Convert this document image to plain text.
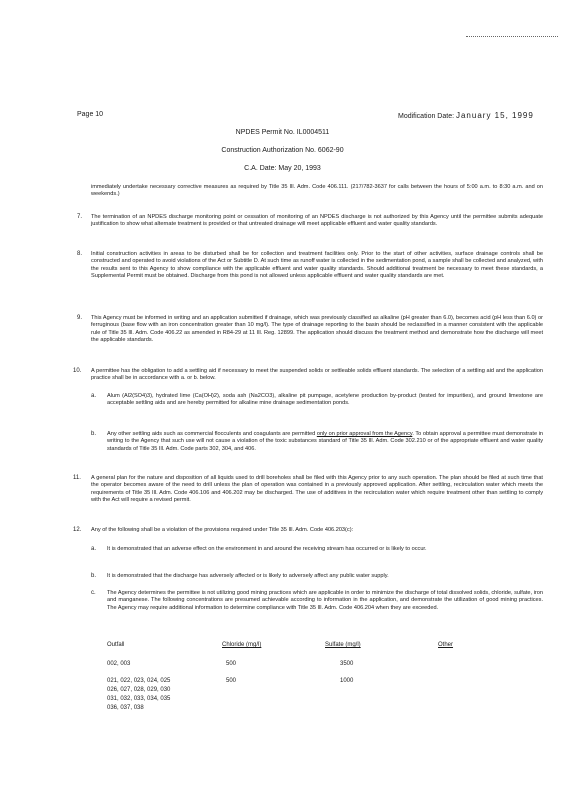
Page 10	Modification Date: January 15, 1999
NPDES Permit No. IL0004511
Construction Authorization No. 6062-90
C.A. Date: May 20, 1993
immediately undertake necessary corrective measures as required by Title 35 Ill. Adm. Code 406.111. (217/782-3637 for calls between the hours of 5:00 a.m. to 8:30 a.m. and on weekends.)
7. The termination of an NPDES discharge monitoring point or cessation of monitoring of an NPDES discharge is not authorized by this Agency until the permittee submits adequate justification to show what alternate treatment is provided or that untreated drainage will meet applicable effluent and water quality standards.
8. Initial construction activities in areas to be disturbed shall be for collection and treatment facilities only. Prior to the start of other activities, surface drainage controls shall be constructed and operated to avoid violations of the Act or Subtitle D. At such time as runoff water is collected in the sedimentation pond, a sample shall be collected and analyzed, with the results sent to this Agency to show compliance with the applicable effluent and water quality standards. Should additional treatment be necessary to meet these standards, a Supplemental Permit must be obtained. Discharge from this pond is not allowed unless applicable effluent and water quality standards are met.
9. This Agency must be informed in writing and an application submitted if drainage, which was previously classified as alkaline (pH greater than 6.0), becomes acid (pH less than 6.0) or ferruginous (base flow with an iron concentration greater than 10 mg/l). The type of drainage reporting to the basin should be reclassified in a manner consistent with the applicable rule of Title 35 Ill. Adm. Code 406.22 as amended in R84-29 at 11 Ill. Reg. 12899. The application should discuss the treatment method and demonstrate how the discharge will meet the applicable standards.
10. A permittee has the obligation to add a settling aid if necessary to meet the suspended solids or settleable solids effluent standards. The selection of a settling aid and the application practice shall be in accordance with a. or b. below.
a. Alum (Al2(SO4)3), hydrated lime (Ca(OH)2), soda ash (Na2CO3), alkaline pit pumpage, acetylene production by-product (tested for impurities), and ground limestone are acceptable settling aids and are hereby permitted for alkaline mine drainage sedimentation ponds.
b. Any other settling aids such as commercial flocculents and coagulants are permitted only on prior approval from the Agency. To obtain approval a permittee must demonstrate in writing to the Agency that such use will not cause a violation of the toxic substances standard of Title 35 Ill. Adm. Code 302.210 or of the appropriate effluent and water quality standards of Title 35 Ill. Adm. Code parts 302, 304, and 406.
11. A general plan for the nature and disposition of all liquids used to drill boreholes shall be filed with this Agency prior to any such operation. The plan should be filed at such time that the operator becomes aware of the need to drill unless the plan of operation was contained in a previously approved application. After settling, recirculation water which meets the requirements of Title 35 Ill. Adm. Code 406.106 and 406.202 may be discharged. The use of additives in the recirculation water which require treatment other than settling to comply with the Act will require a revised permit.
12. Any of the following shall be a violation of the provisions required under Title 35 Ill. Adm. Code 406.203(c):
a. It is demonstrated that an adverse effect on the environment in and around the receiving stream has occurred or is likely to occur.
b. It is demonstrated that the discharge has adversely affected or is likely to adversely affect any public water supply.
c. The Agency determines the permittee is not utilizing good mining practices which are applicable in order to minimize the discharge of total dissolved solids, chloride, sulfate, iron and manganese. The following concentrations are presumed achievable according to information in the application, and demonstrate the utilization of good mining practices. The Agency may require additional information to determine compliance with Title 35 Ill. Adm. Code 406.204 when they are exceeded.
Outfall	Chloride (mg/l)	Sulfate (mg/l)	Other
002, 003	500	3500
021, 022, 023, 024, 025	500	1000
026, 027, 028, 029, 030
031, 032, 033, 034, 035
036, 037, 038
